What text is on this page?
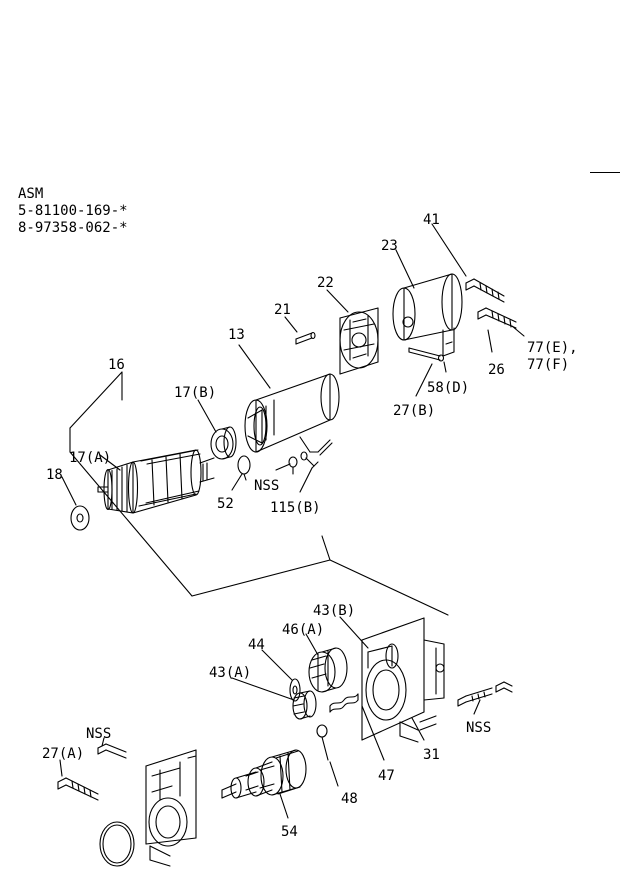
ASM
5-81100-169-*
8-97358-062-*
13
16
17(B)
17(A)
18
21
22
23
41
77(E),
77(F)
26
58(D)
27(B)
52
NSS
115(B)
43(B)
46(A)
44
43(A)
NSS
31
47
48
54
NSS
27(A)
